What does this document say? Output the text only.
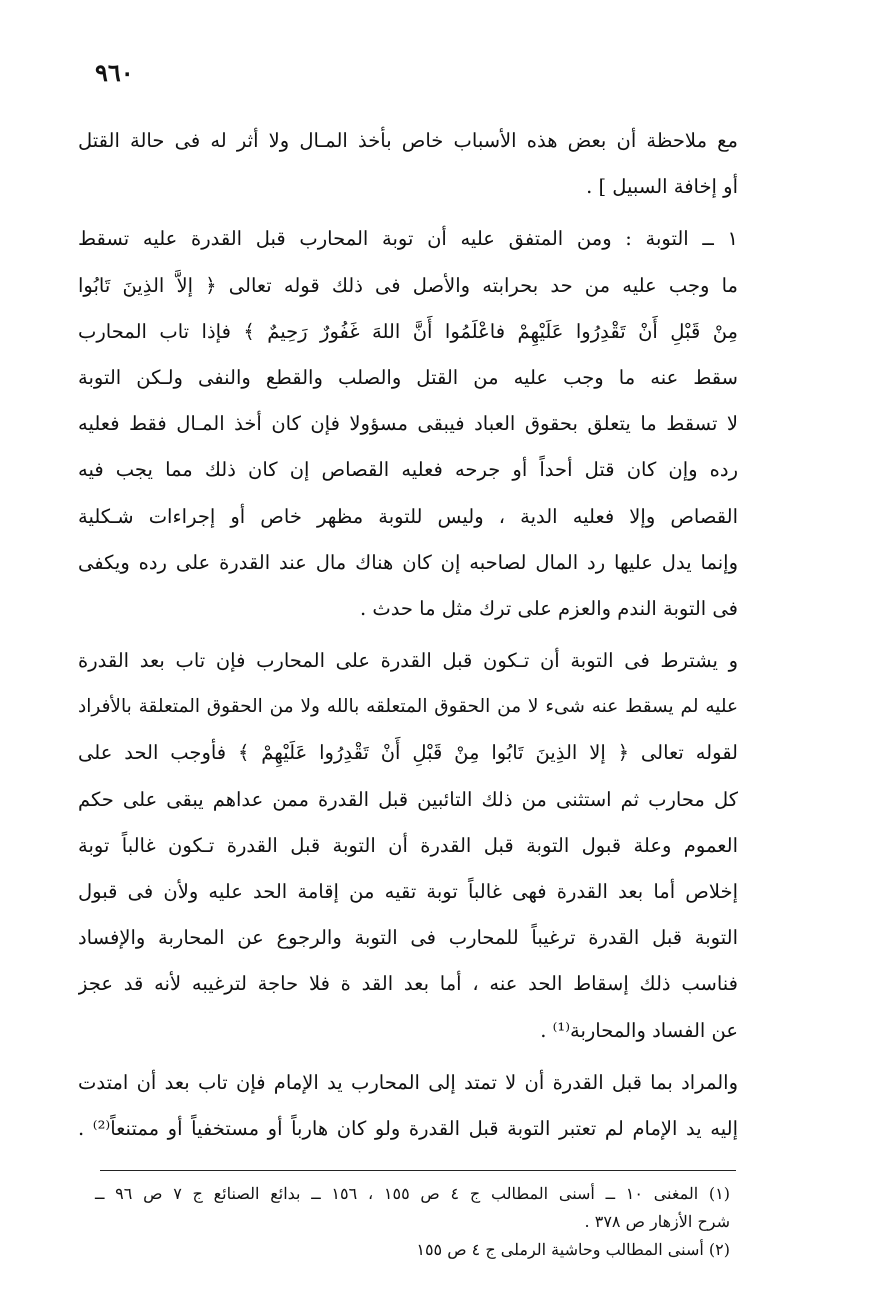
٩٦٠
مع ملاحظة أن بعض هذه الأسباب خاص بأخذ المـال ولا أثر له فى حالة القتل
أو إخافة السبيل ] .
١ ــ التوبة : ومن المتفق عليه أن توبة المحارب قبل القدرة عليه تسقط
ما وجب عليه من حد بحرابته والأصل فى ذلك قوله تعالى ﴿ إلاَّ الذِينَ تَابُوا
مِنْ قَبْلِ أَنْ تَقْدِرُوا عَلَيْهِمْ فاعْلَمُوا أَنَّ اللهَ غَفُورٌ رَحِيمٌ ﴾ فإذا تاب المحارب
سقط عنه ما وجب عليه من القتل والصلب والقطع والنفى ولـكن التوبة
لا تسقط ما يتعلق بحقوق العباد فيبقى مسؤولا فإن كان أخذ المـال فقط فعليه
رده وإن كان قتل أحداً أو جرحه فعليه القصاص إن كان ذلك مما يجب فيه
القصاص وإلا فعليه الدية ، وليس للتوبة مظهر خاص أو إجراءات شـكلية
وإنما يدل عليها رد المال لصاحبه إن كان هناك مال عند القدرة على رده ويكفى
فى التوبة الندم والعزم على ترك مثل ما حدث .
و يشترط فى التوبة أن تـكون قبل القدرة على المحارب فإن تاب بعد القدرة
عليه لم يسقط عنه شىء لا من الحقوق المتعلقه بالله ولا من الحقوق المتعلقة بالأفراد
لقوله تعالى ﴿ إلا الذِينَ تَابُوا مِنْ قَبْلِ أَنْ تَقْدِرُوا عَلَيْهِمْ ﴾ فأوجب الحد على
كل محارب ثم استثنى من ذلك التائبين قبل القدرة ممن عداهم يبقى على حكم
العموم وعلة قبول التوبة قبل القدرة أن التوبة قبل القدرة تـكون غالباً توبة
إخلاص أما بعد القدرة فهى غالباً توبة تقيه من إقامة الحد عليه ولأن فى قبول
التوبة قبل القدرة ترغيباً للمحارب فى التوبة والرجوع عن المحاربة والإفساد
فناسب ذلك إسقاط الحد عنه ، أما بعد القد ة فلا حاجة لترغيبه لأنه قد عجز
عن الفساد والمحاربة⁽¹⁾ .
والمراد بما قبل القدرة أن لا تمتد إلى المحارب يد الإمام فإن تاب بعد أن امتدت
إليه يد الإمام لم تعتبر التوبة قبل القدرة ولو كان هارباً أو مستخفياً أو ممتنعاً⁽²⁾ .
(١) المغنى ١٠ ــ أسنى المطالب ج ٤ ص ١٥٥ ، ١٥٦ ــ بدائع الصنائع ج ٧ ص ٩٦ ــ
شرح الأزهار ص ٣٧٨ .
(٢) أسنى المطالب وحاشية الرملى ج ٤ ص ١٥٥
